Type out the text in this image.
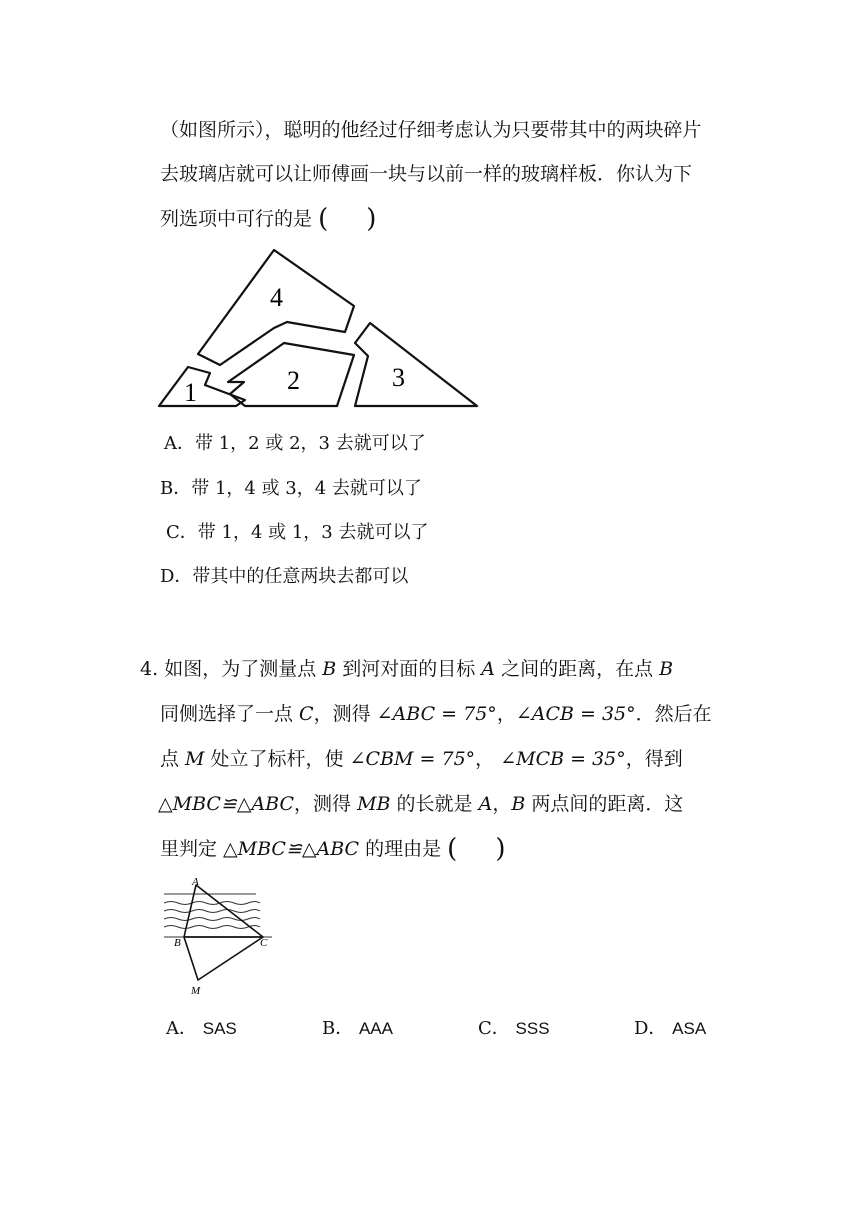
（如图所示），聪明的他经过仔细考虑认为只要带其中的两块碎片
去玻璃店就可以让师傅画一块与以前一样的玻璃样板．你认为下
列选项中可行的是 ( )
4
2	3
1
A．带 1，2 或 2，3 去就可以了
B．带 1，4 或 3，4 去就可以了
C．带 1，4 或 1，3 去就可以了
D．带其中的任意两块去都可以
4. 如图，为了测量点 B 到河对面的目标 A 之间的距离，在点 B
同侧选择了一点 C，测得 ∠ABC = 75°，∠ACB = 35°．然后在
点 M 处立了标杆，使 ∠CBM = 75°， ∠MCB = 35°，得到
△MBC≌△ABC，测得 MB 的长就是 A，B 两点间的距离．这
里判定 △MBC≌△ABC 的理由是 ( )
A
B	C
M
A． SAS	B． AAA	C． SSS	D． ASA
